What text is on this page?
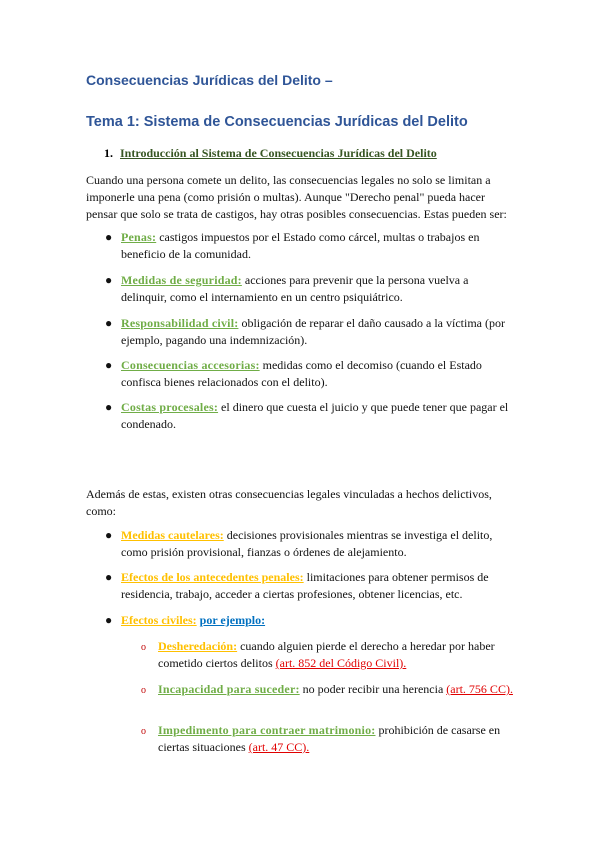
Consecuencias Jurídicas del Delito –
Tema 1: Sistema de Consecuencias Jurídicas del Delito
1. Introducción al Sistema de Consecuencias Jurídicas del Delito
Cuando una persona comete un delito, las consecuencias legales no solo se limitan a
imponerle una pena (como prisión o multas). Aunque "Derecho penal" pueda hacer
pensar que solo se trata de castigos, hay otras posibles consecuencias. Estas pueden ser:
● Penas: castigos impuestos por el Estado como cárcel, multas o trabajos en
beneficio de la comunidad.
● Medidas de seguridad: acciones para prevenir que la persona vuelva a
delinquir, como el internamiento en un centro psiquiátrico.
● Responsabilidad civil: obligación de reparar el daño causado a la víctima (por
ejemplo, pagando una indemnización).
● Consecuencias accesorias: medidas como el decomiso (cuando el Estado
confisca bienes relacionados con el delito).
● Costas procesales: el dinero que cuesta el juicio y que puede tener que pagar el
condenado.
Además de estas, existen otras consecuencias legales vinculadas a hechos delictivos,
como:
● Medidas cautelares: decisiones provisionales mientras se investiga el delito,
como prisión provisional, fianzas o órdenes de alejamiento.
● Efectos de los antecedentes penales: limitaciones para obtener permisos de
residencia, trabajo, acceder a ciertas profesiones, obtener licencias, etc.
● Efectos civiles: por ejemplo:
o Desheredación: cuando alguien pierde el derecho a heredar por haber
cometido ciertos delitos (art. 852 del Código Civil).
o Incapacidad para suceder: no poder recibir una herencia (art. 756 CC).
o Impedimento para contraer matrimonio: prohibición de casarse en
ciertas situaciones (art. 47 CC).
